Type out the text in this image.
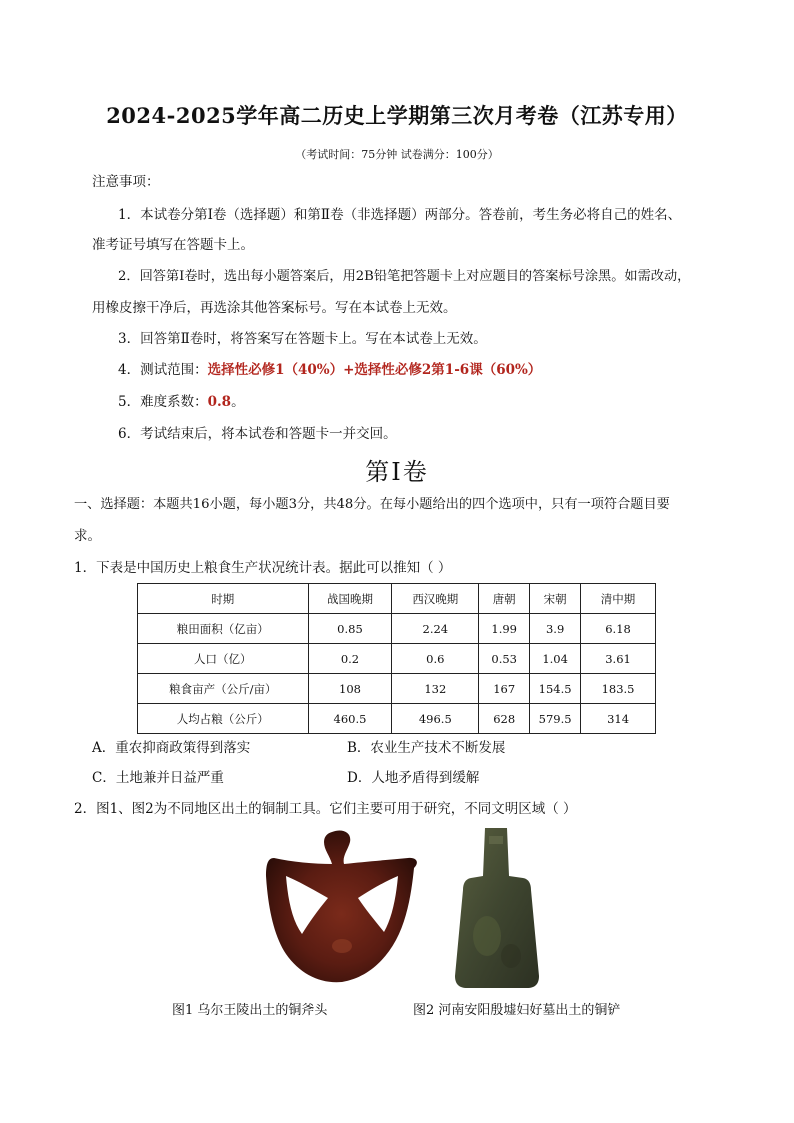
2024-2025学年高二历史上学期第三次月考卷（江苏专用）
（考试时间：75分钟 试卷满分：100分）
注意事项：
1．本试卷分第Ⅰ卷（选择题）和第Ⅱ卷（非选择题）两部分。答卷前，考生务必将自己的姓名、
准考证号填写在答题卡上。
2．回答第Ⅰ卷时，选出每小题答案后，用2B铅笔把答题卡上对应题目的答案标号涂黑。如需改动，
用橡皮擦干净后，再选涂其他答案标号。写在本试卷上无效。
3．回答第Ⅱ卷时，将答案写在答题卡上。写在本试卷上无效。
4．测试范围：选择性必修1（40%）+选择性必修2第1-6课（60%）
5．难度系数：0.8。
6．考试结束后，将本试卷和答题卡一并交回。
第Ⅰ卷
一、选择题：本题共16小题，每小题3分，共48分。在每小题给出的四个选项中，只有一项符合题目要
求。
1．下表是中国历史上粮食生产状况统计表。据此可以推知（ ）
时期	战国晚期	西汉晚期	唐朝	宋朝	清中期
粮田面积（亿亩）	0.85	2.24	1.99	3.9	6.18
人口（亿）	0.2	0.6	0.53	1.04	3.61
粮食亩产（公斤/亩）	108	132	167	154.5	183.5
人均占粮（公斤）	460.5	496.5	628	579.5	314
A．重农抑商政策得到落实	B．农业生产技术不断发展
C．土地兼并日益严重	D．人地矛盾得到缓解
2．图1、图2为不同地区出土的铜制工具。它们主要可用于研究，不同文明区域（ ）
图1 乌尔王陵出土的铜斧头	图2 河南安阳殷墟妇好墓出土的铜铲
